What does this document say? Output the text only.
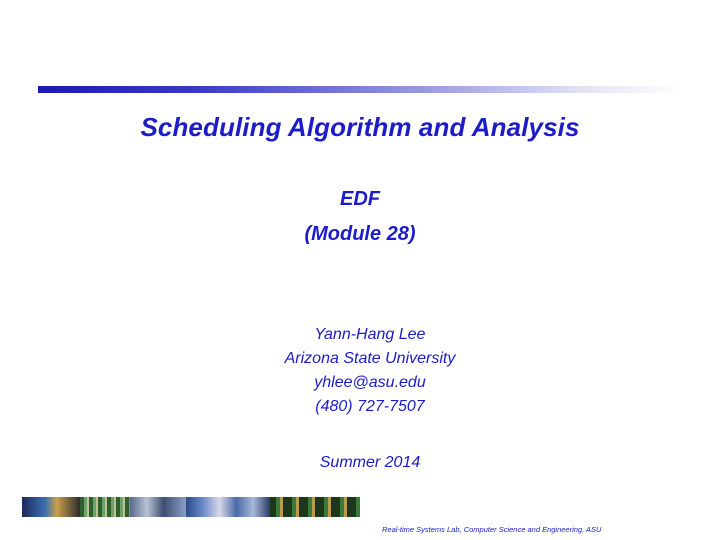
Scheduling Algorithm and Analysis

EDF

(Module 28)

Yann-Hang Lee
Arizona State University
yhlee@asu.edu
(480) 727-7507
Summer 2014
Real-time Systems Lab, Computer Science and Engineering, ASU
